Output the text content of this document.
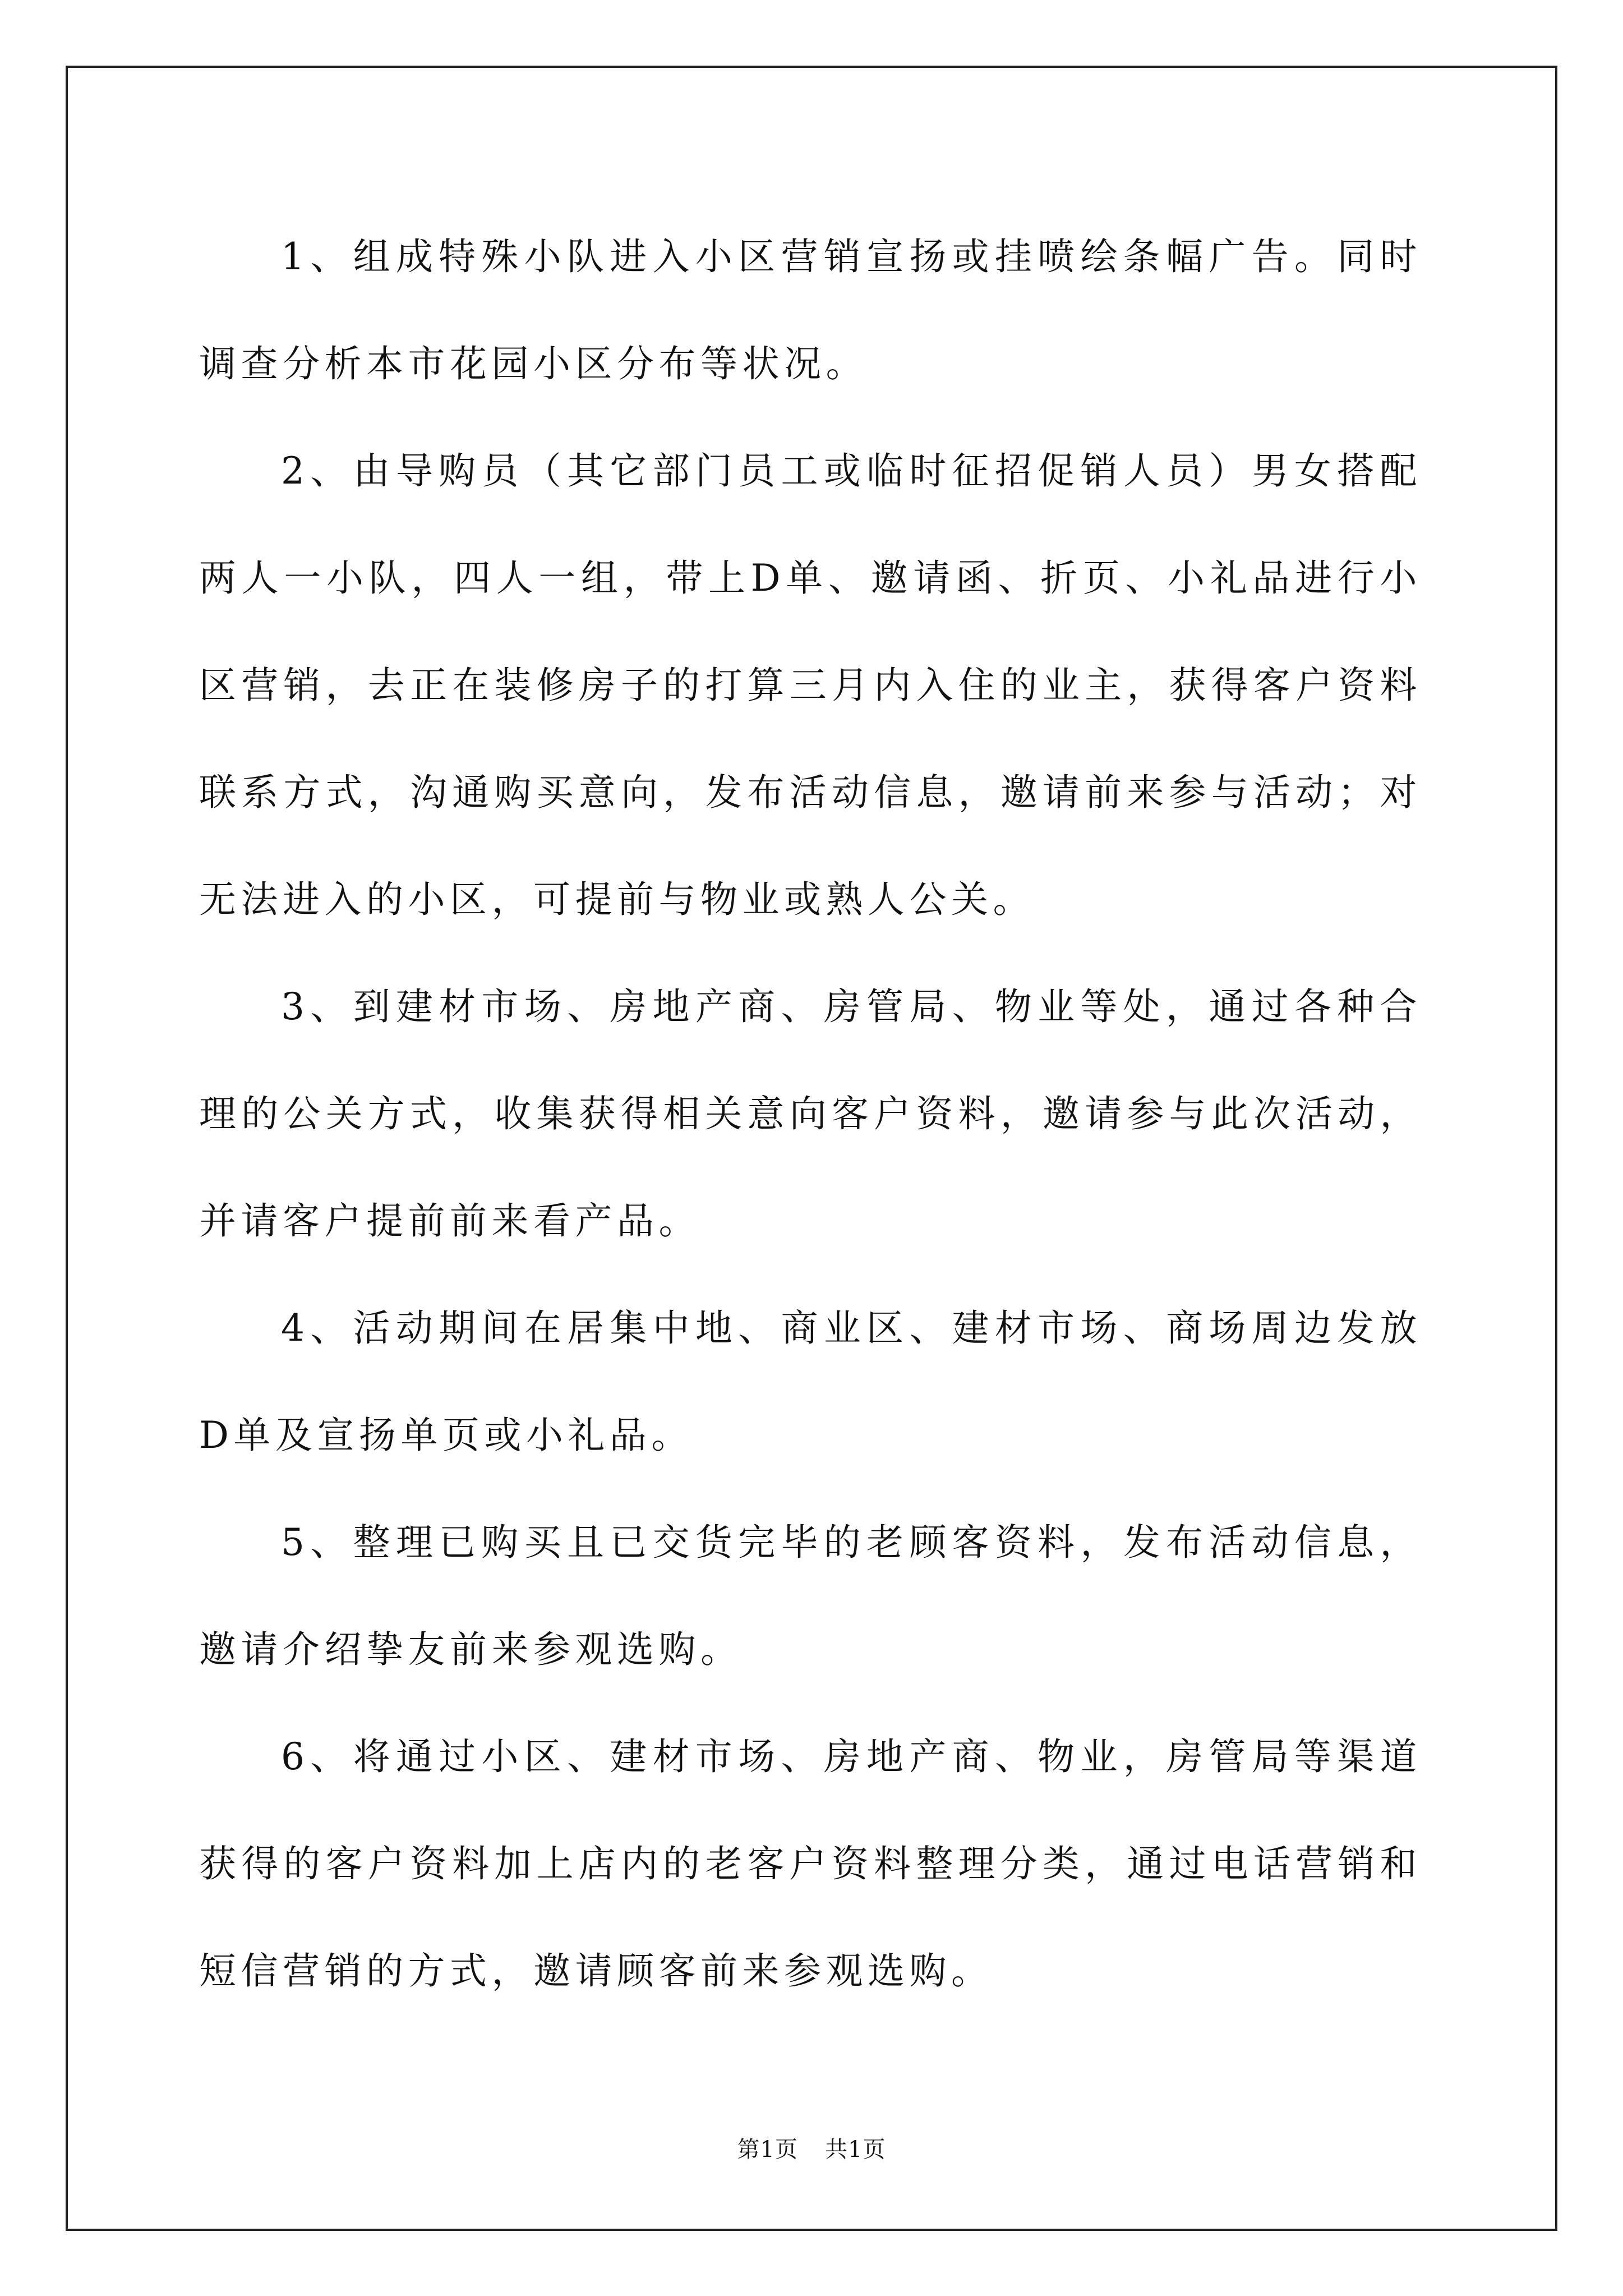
1、组成特殊小队进入小区营销宣扬或挂喷绘条幅广告。同时调查分析本市花园小区分布等状况。

2、由导购员（其它部门员工或临时征招促销人员）男女搭配两人一小队，四人一组，带上D单、邀请函、折页、小礼品进行小区营销，去正在装修房子的打算三月内入住的业主，获得客户资料联系方式，沟通购买意向，发布活动信息，邀请前来参与活动；对无法进入的小区，可提前与物业或熟人公关。

3、到建材市场、房地产商、房管局、物业等处，通过各种合理的公关方式，收集获得相关意向客户资料，邀请参与此次活动，并请客户提前前来看产品。

4、活动期间在居集中地、商业区、建材市场、商场周边发放D单及宣扬单页或小礼品。

5、整理已购买且已交货完毕的老顾客资料，发布活动信息，邀请介绍挚友前来参观选购。

6、将通过小区、建材市场、房地产商、物业，房管局等渠道获得的客户资料加上店内的老客户资料整理分类，通过电话营销和短信营销的方式，邀请顾客前来参观选购。

第1页 共1页
